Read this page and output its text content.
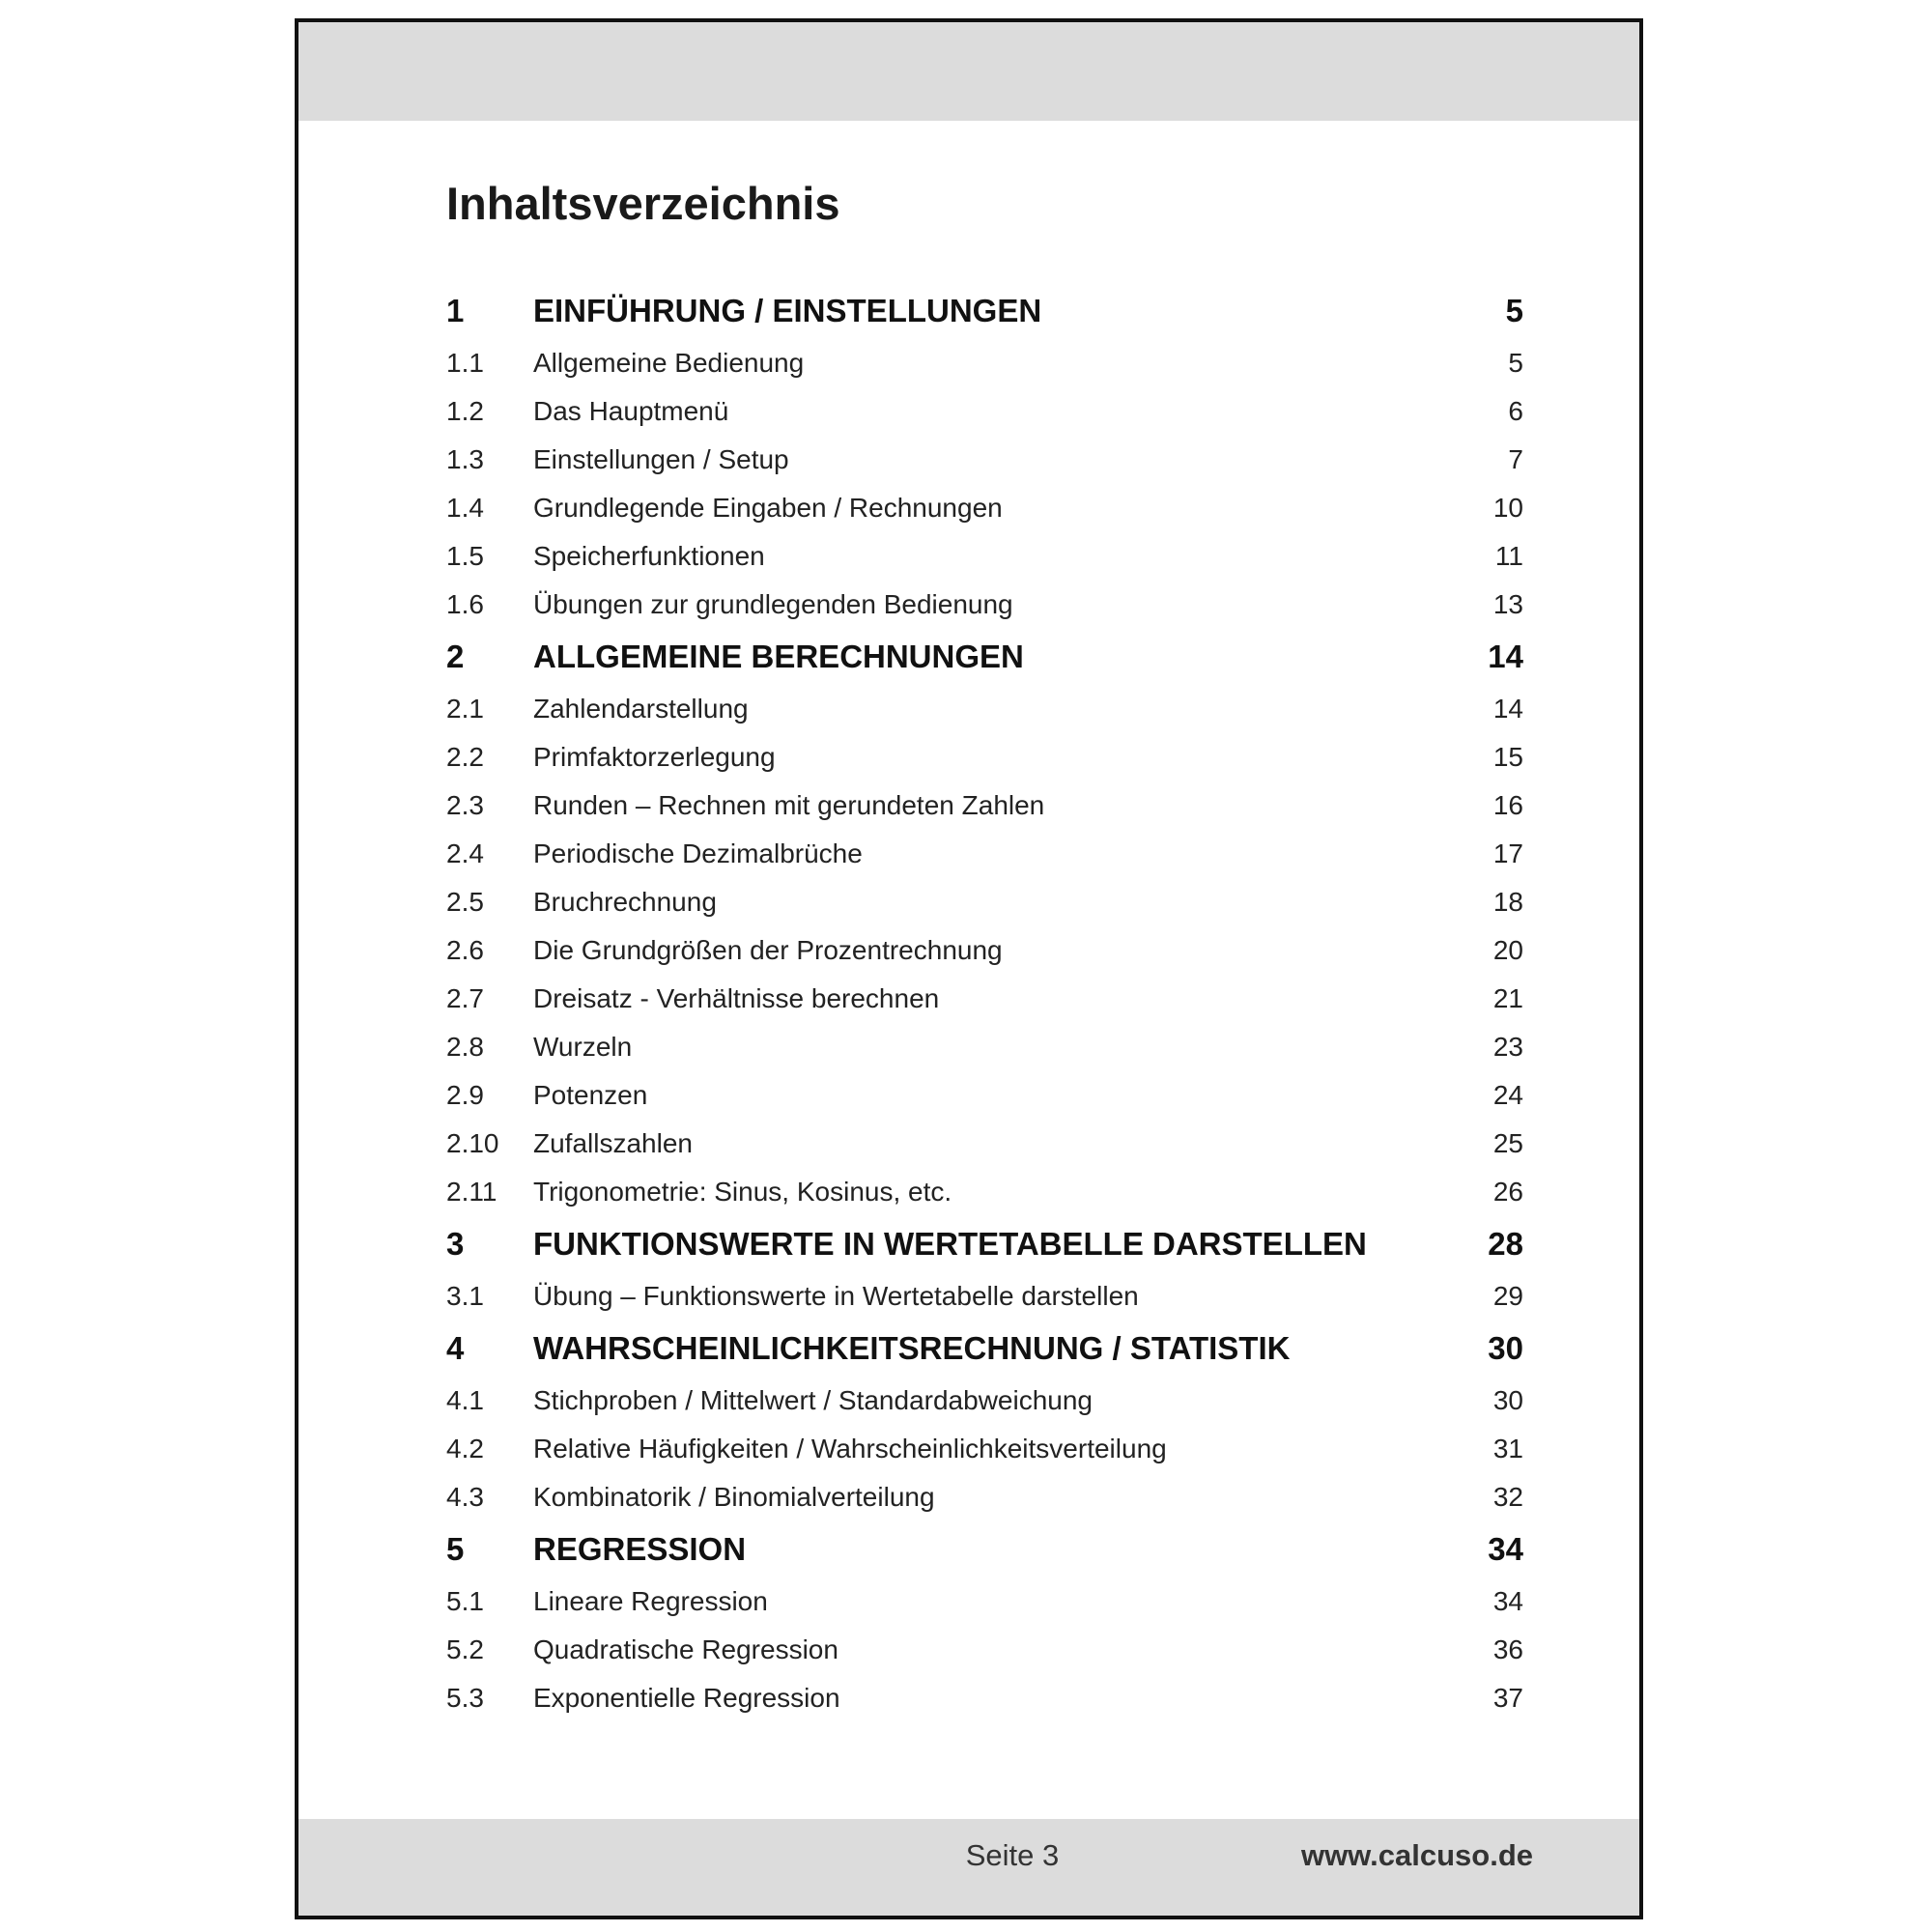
Inhaltsverzeichnis
1	EINFÜHRUNG / EINSTELLUNGEN	5
1.1	Allgemeine Bedienung	5
1.2	Das Hauptmenü	6
1.3	Einstellungen / Setup	7
1.4	Grundlegende Eingaben / Rechnungen	10
1.5	Speicherfunktionen	11
1.6	Übungen zur grundlegenden Bedienung	13
2	ALLGEMEINE BERECHNUNGEN	14
2.1	Zahlendarstellung	14
2.2	Primfaktorzerlegung	15
2.3	Runden – Rechnen mit gerundeten Zahlen	16
2.4	Periodische Dezimalbrüche	17
2.5	Bruchrechnung	18
2.6	Die Grundgrößen der Prozentrechnung	20
2.7	Dreisatz - Verhältnisse berechnen	21
2.8	Wurzeln	23
2.9	Potenzen	24
2.10	Zufallszahlen	25
2.11	Trigonometrie: Sinus, Kosinus, etc.	26
3	FUNKTIONSWERTE IN WERTETABELLE DARSTELLEN	28
3.1	Übung – Funktionswerte in Wertetabelle darstellen	29
4	WAHRSCHEINLICHKEITSRECHNUNG / STATISTIK	30
4.1	Stichproben / Mittelwert / Standardabweichung	30
4.2	Relative Häufigkeiten / Wahrscheinlichkeitsverteilung	31
4.3	Kombinatorik / Binomialverteilung	32
5	REGRESSION	34
5.1	Lineare Regression	34
5.2	Quadratische Regression	36
5.3	Exponentielle Regression	37
Seite 3	www.calcuso.de
